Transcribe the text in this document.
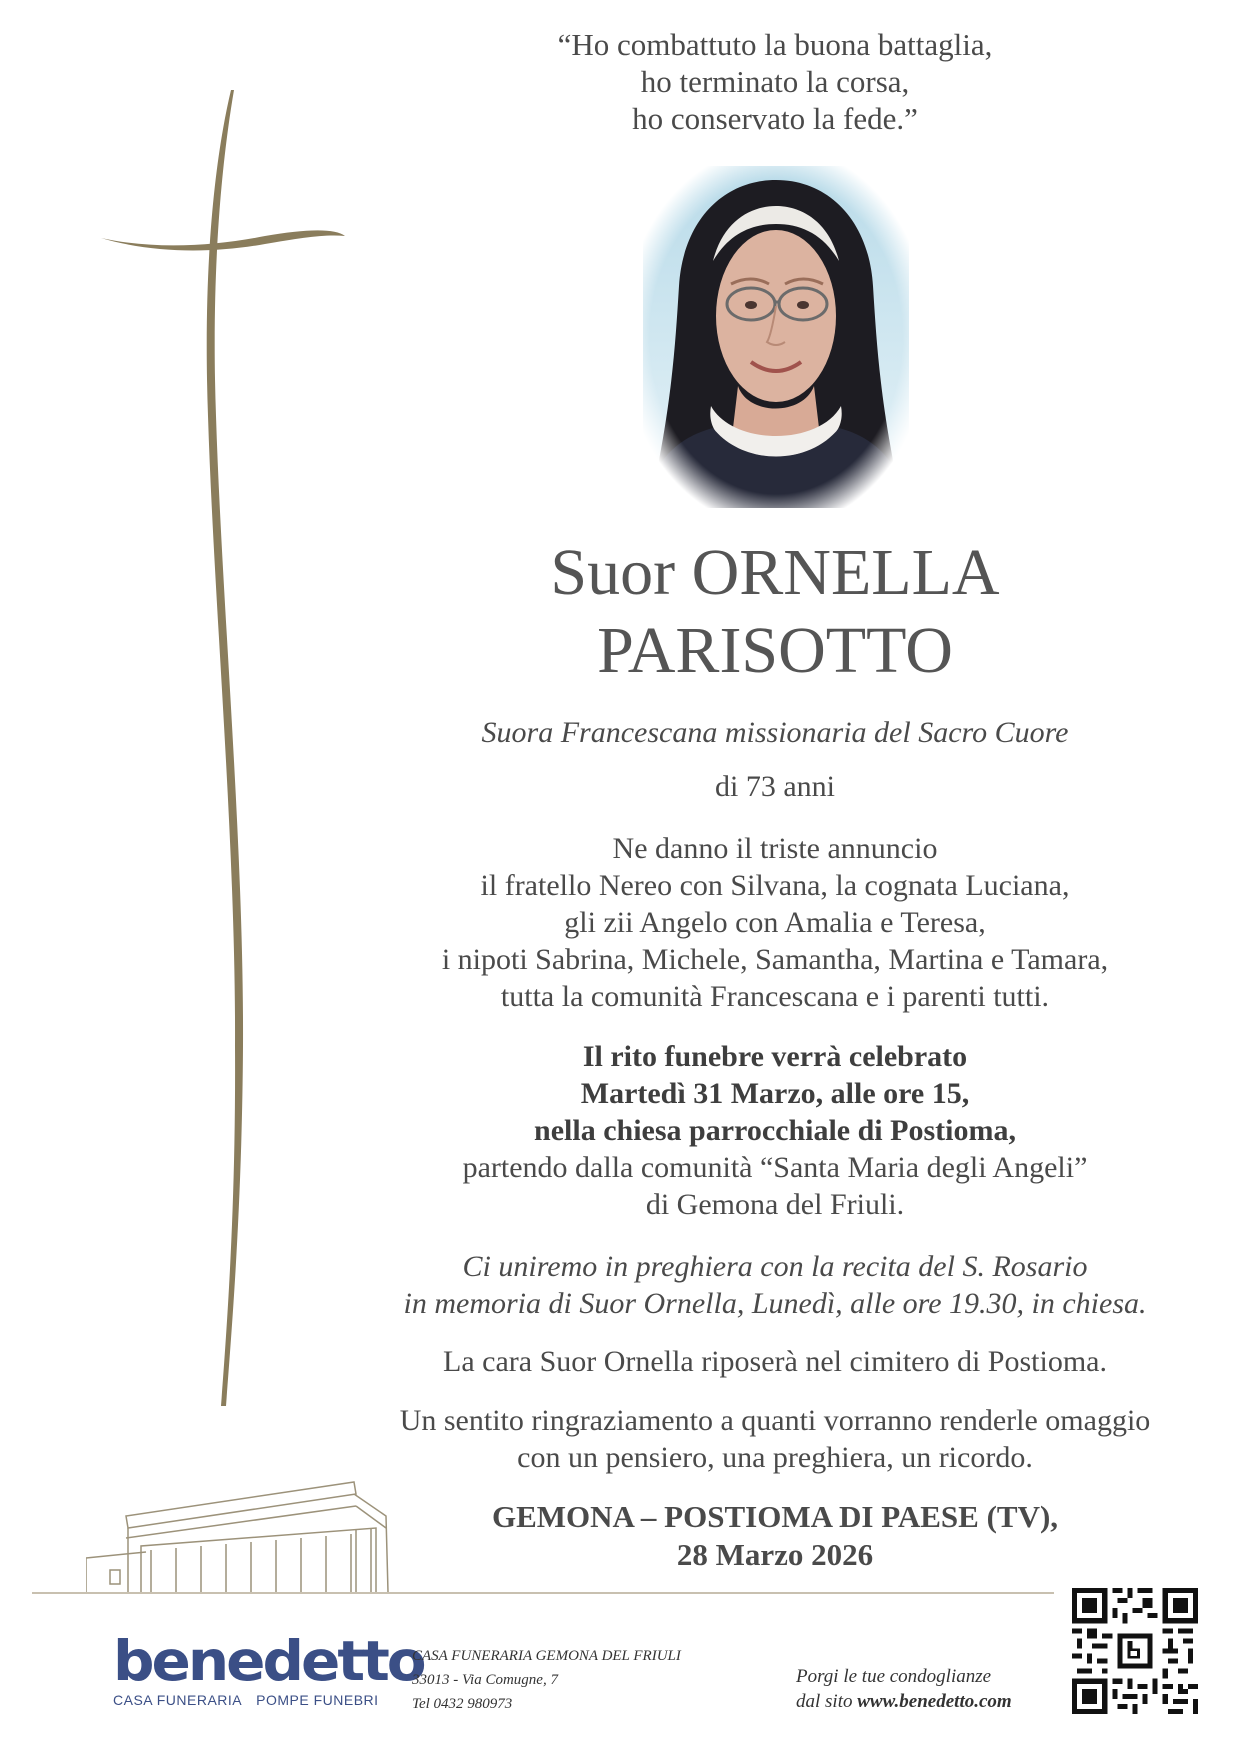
“Ho combattuto la buona battaglia,
ho terminato la corsa,
ho conservato la fede.”
Suor ORNELLA
PARISOTTO
Suora Francescana missionaria del Sacro Cuore
di 73 anni
Ne danno il triste annuncio
il fratello Nereo con Silvana, la cognata Luciana,
gli zii Angelo con Amalia e Teresa,
i nipoti Sabrina, Michele, Samantha, Martina e Tamara,
tutta la comunità Francescana e i parenti tutti.
Il rito funebre verrà celebrato
Martedì 31 Marzo, alle ore 15,
nella chiesa parrocchiale di Postioma,
partendo dalla comunità “Santa Maria degli Angeli”
di Gemona del Friuli.
Ci uniremo in preghiera con la recita del S. Rosario
in memoria di Suor Ornella, Lunedì, alle ore 19.30, in chiesa.
La cara Suor Ornella riposerà nel cimitero di Postioma.
Un sentito ringraziamento a quanti vorranno renderle omaggio
con un pensiero, una preghiera, un ricordo.
GEMONA – POSTIOMA DI PAESE (TV),
28 Marzo 2026
benedetto
CASA FUNERARIA POMPE FUNEBRI
CASA FUNERARIA GEMONA DEL FRIULI
33013 - Via Comugne, 7
Tel 0432 980973
Porgi le tue condoglianze
dal sito www.benedetto.com
